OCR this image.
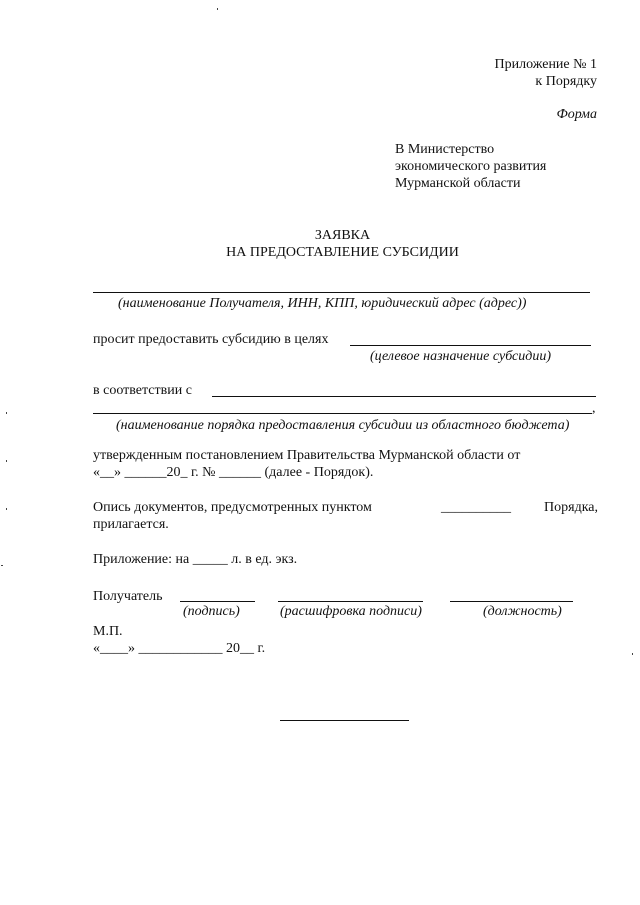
Приложение № 1
к Порядку
Форма
В Министерство
экономического развития
Мурманской области
ЗАЯВКА
НА ПРЕДОСТАВЛЕНИЕ СУБСИДИИ
(наименование Получателя, ИНН, КПП, юридический адрес (адрес))
просит предоставить субсидию в целях
(целевое назначение субсидии)
в соответствии с
,
(наименование порядка предоставления субсидии из областного бюджета)
утвержденным постановлением Правительства Мурманской области от
«__» ______20_ г. № ______ (далее - Порядок).
Опись документов, предусмотренных пунктом	__________ Порядка,
прилагается.
Приложение: на _____ л. в ед. экз.
Получатель
(подпись)	(расшифровка подписи)	(должность)
М.П.
«____» ____________ 20__ г.
